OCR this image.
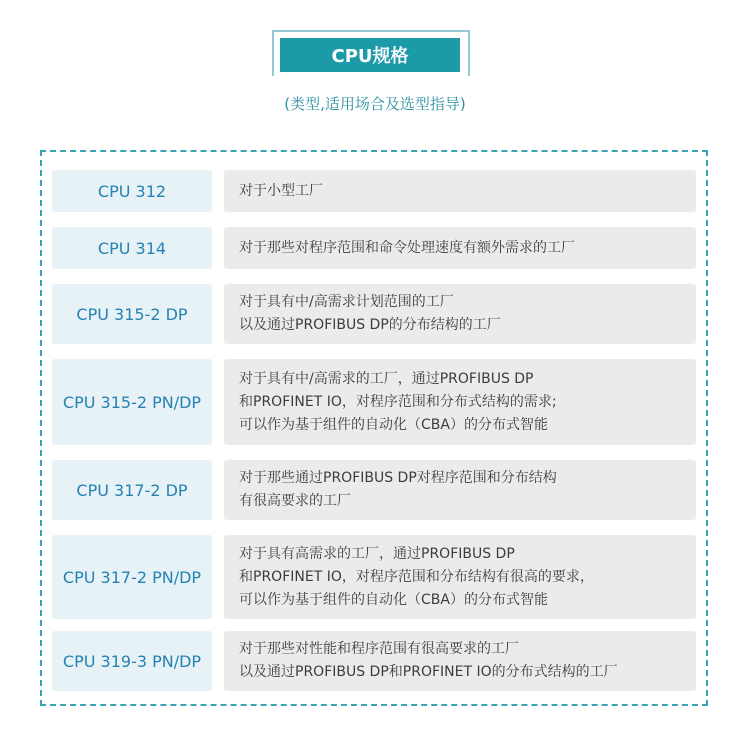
CPU规格
(类型,适用场合及选型指导)
CPU 312	对于小型工厂
CPU 314	对于那些对程序范围和命令处理速度有额外需求的工厂
CPU 315-2 DP
对于具有中/高需求计划范围的工厂
以及通过PROFIBUS DP的分布结构的工厂
CPU 315-2 PN/DP
对于具有中/高需求的工厂，通过PROFIBUS DP
和PROFINET IO，对程序范围和分布式结构的需求;
可以作为基于组件的自动化（CBA）的分布式智能
CPU 317-2 DP
对于那些通过PROFIBUS DP对程序范围和分布结构
有很高要求的工厂
CPU 317-2 PN/DP
对于具有高需求的工厂，通过PROFIBUS DP
和PROFINET IO，对程序范围和分布结构有很高的要求，
可以作为基于组件的自动化（CBA）的分布式智能
CPU 319-3 PN/DP
对于那些对性能和程序范围有很高要求的工厂
以及通过PROFIBUS DP和PROFINET IO的分布式结构的工厂
